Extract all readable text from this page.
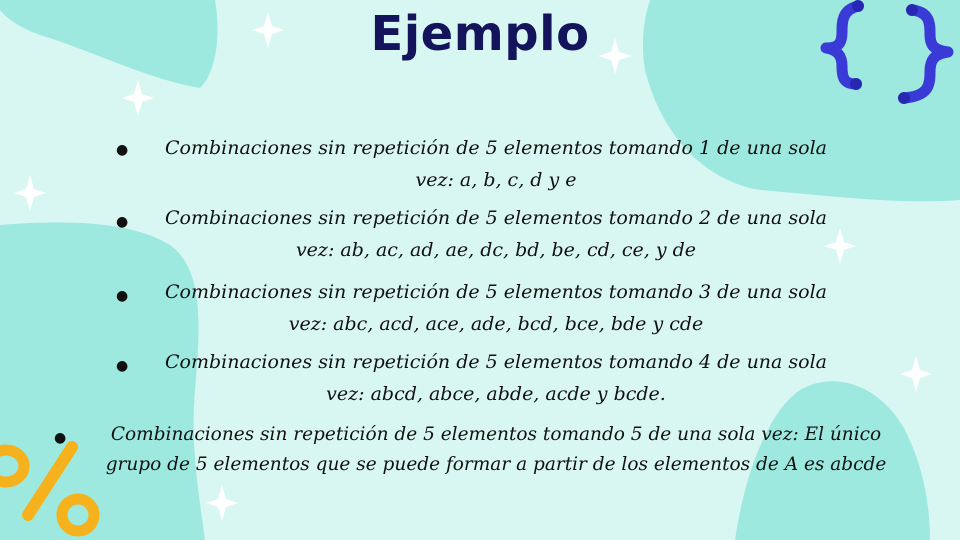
Ejemplo
●	Combinaciones sin repetición de 5 elementos tomando 1 de una sola
vez: a, b, c, d y e
●	Combinaciones sin repetición de 5 elementos tomando 2 de una sola
vez: ab, ac, ad, ae, dc, bd, be, cd, ce, y de
●	Combinaciones sin repetición de 5 elementos tomando 3 de una sola
vez: abc, acd, ace, ade, bcd, bce, bde y cde
●	Combinaciones sin repetición de 5 elementos tomando 4 de una sola
vez: abcd, abce, abde, acde y bcde.
●	Combinaciones sin repetición de 5 elementos tomando 5 de una sola vez: El único
grupo de 5 elementos que se puede formar a partir de los elementos de A es abcde
